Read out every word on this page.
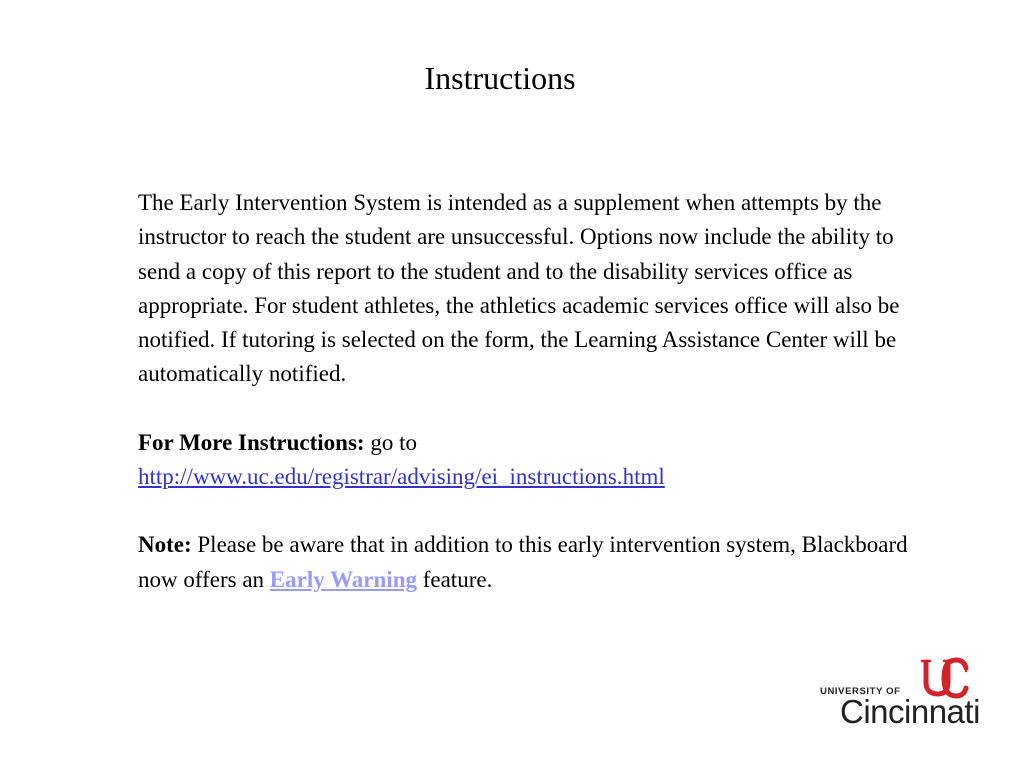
Instructions

The Early Intervention System is intended as a supplement when attempts by the instructor to reach the student are unsuccessful. Options now include the ability to send a copy of this report to the student and to the disability services office as appropriate. For student athletes, the athletics academic services office will also be notified. If tutoring is selected on the form, the Learning Assistance Center will be automatically notified.

For More Instructions: go to
http://www.uc.edu/registrar/advising/ei_instructions.html

Note: Please be aware that in addition to this early intervention system, Blackboard now offers an Early Warning feature.

UNIVERSITY OF
Cincinnati
